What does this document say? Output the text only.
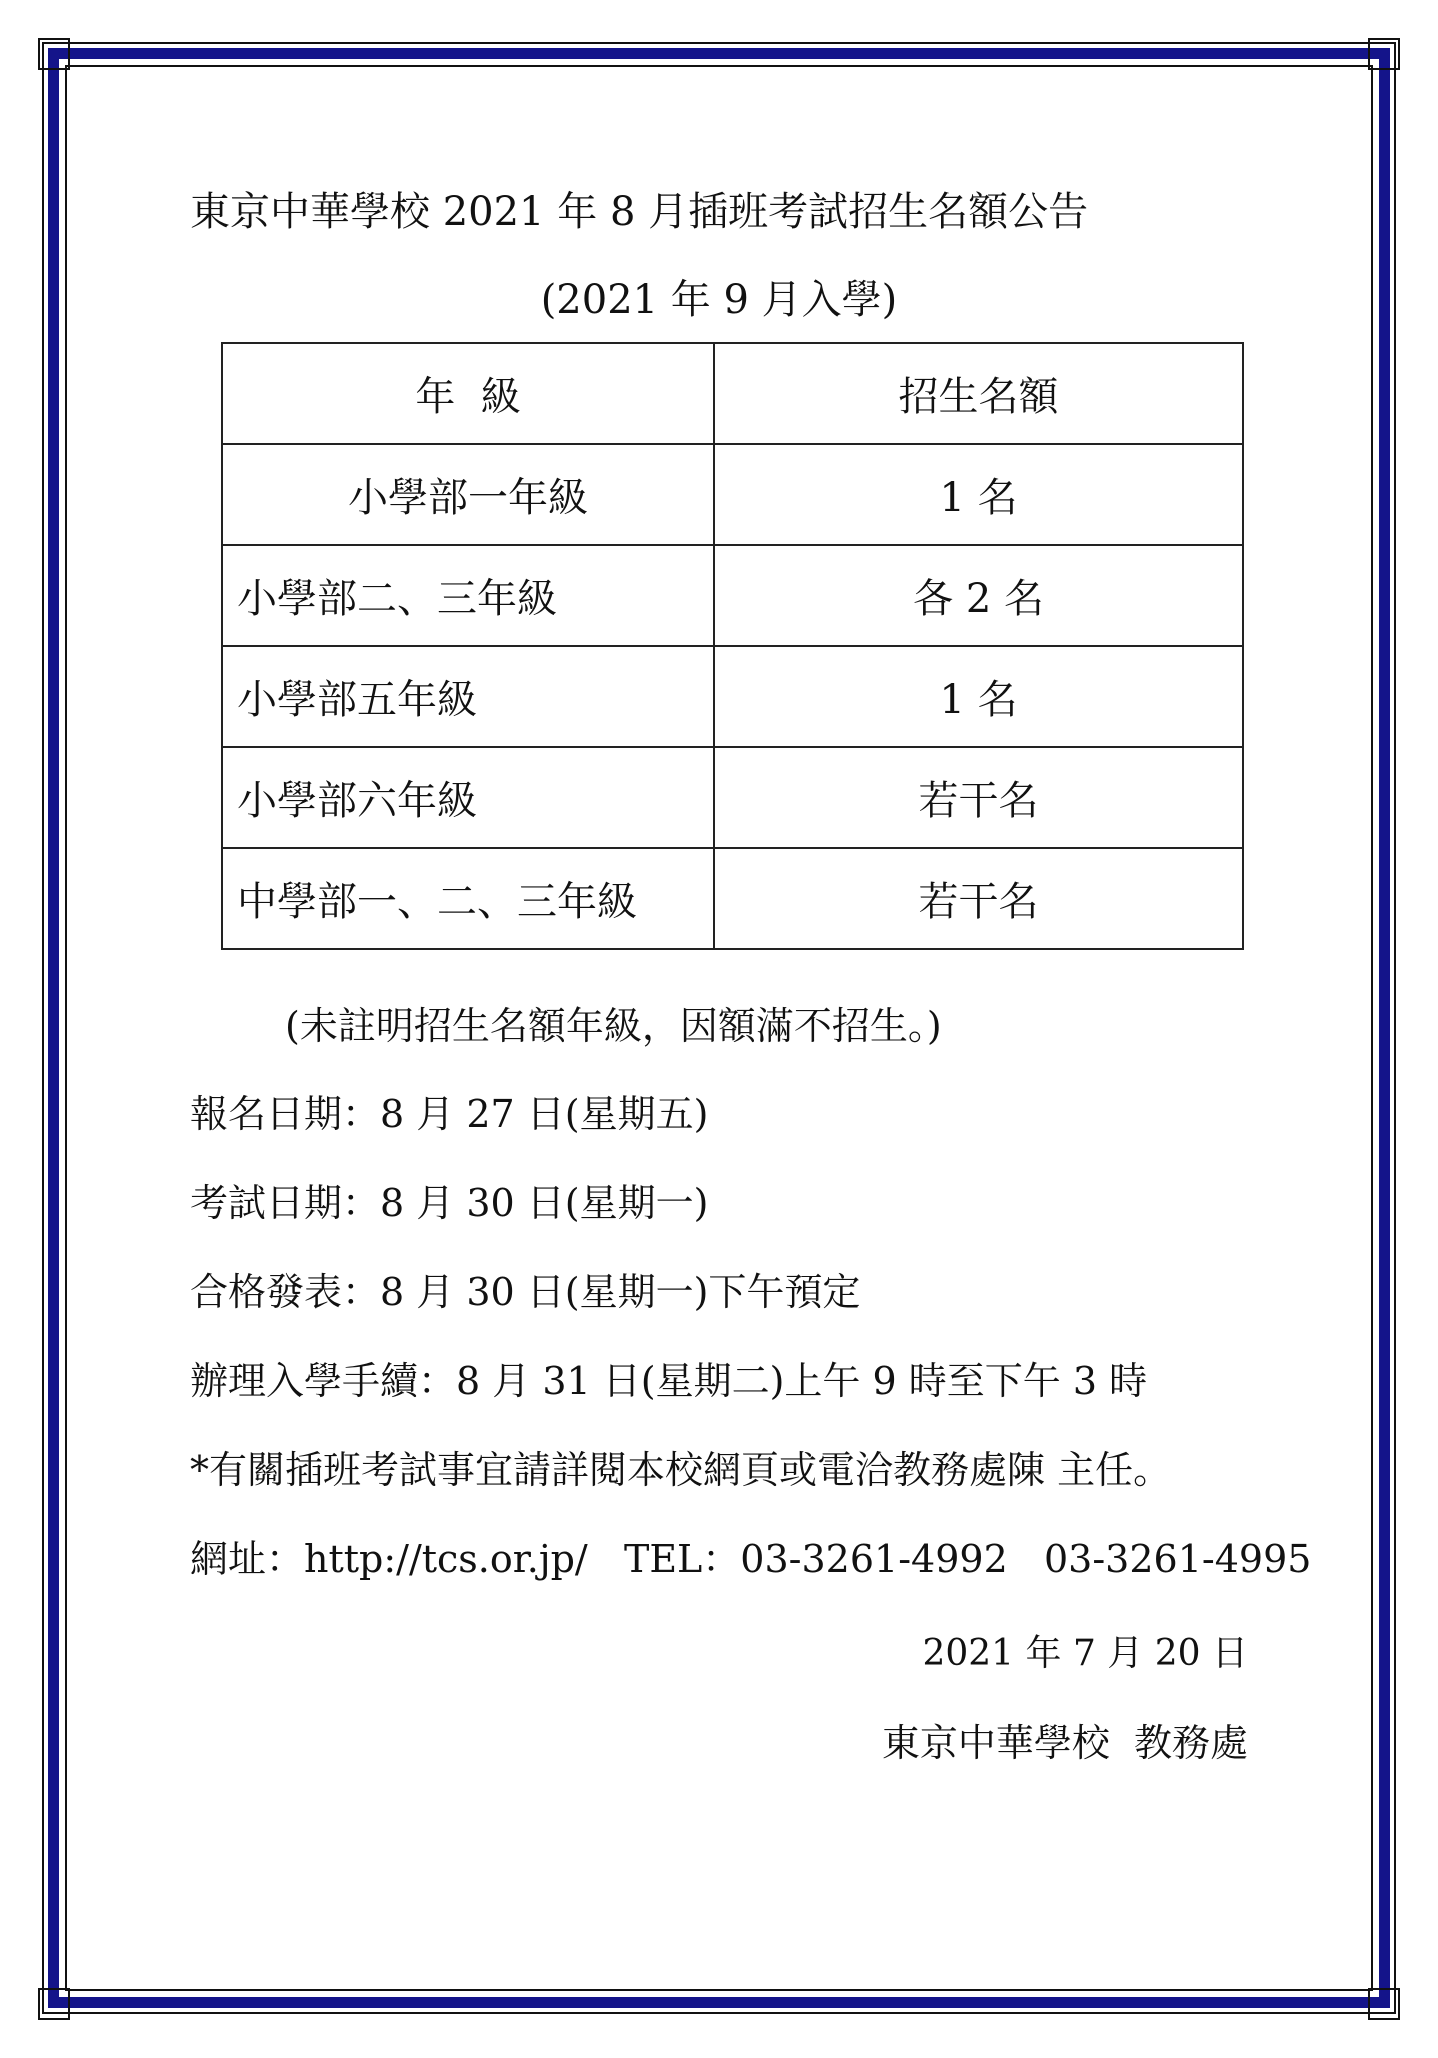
東京中華學校 2021 年 8 月插班考試招生名額公告
(2021 年 9 月入學)
年  級	招生名額
小學部一年級	1 名
小學部二、三年級	各 2 名
小學部五年級	1 名
小學部六年級	若干名
中學部一、二、三年級	若干名
(未註明招生名額年級，因額滿不招生。)
報名日期：8 月 27 日(星期五)
考試日期：8 月 30 日(星期一)
合格發表：8 月 30 日(星期一)下午預定
辦理入學手續：8 月 31 日(星期二)上午 9 時至下午 3 時
*有關插班考試事宜請詳閱本校網頁或電洽教務處陳 主任。
網址：http://tcs.or.jp/   TEL：03-3261-4992   03-3261-4995
2021 年 7 月 20 日
東京中華學校  教務處
